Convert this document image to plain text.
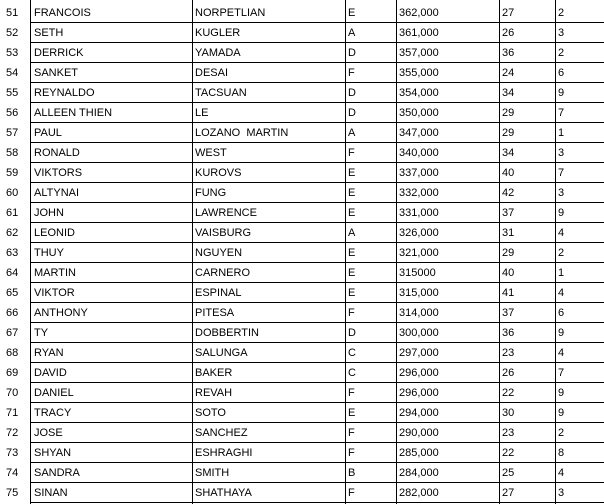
51	FRANCOIS	NORPETLIAN	E	362,000	27	2
52	SETH	KUGLER	A	361,000	26	3
53	DERRICK	YAMADA	D	357,000	36	2
54	SANKET	DESAI	F	355,000	24	6
55	REYNALDO	TACSUAN	D	354,000	34	9
56	ALLEEN THIEN	LE	D	350,000	29	7
57	PAUL	LOZANO  MARTIN	A	347,000	29	1
58	RONALD	WEST	F	340,000	34	3
59	VIKTORS	KUROVS	E	337,000	40	7
60	ALTYNAI	FUNG	E	332,000	42	3
61	JOHN	LAWRENCE	E	331,000	37	9
62	LEONID	VAISBURG	A	326,000	31	4
63	THUY	NGUYEN	E	321,000	29	2
64	MARTIN	CARNERO	E	315000	40	1
65	VIKTOR	ESPINAL	E	315,000	41	4
66	ANTHONY	PITESA	F	314,000	37	6
67	TY	DOBBERTIN	D	300,000	36	9
68	RYAN	SALUNGA	C	297,000	23	4
69	DAVID	BAKER	C	296,000	26	7
70	DANIEL	REVAH	F	296,000	22	9
71	TRACY	SOTO	E	294,000	30	9
72	JOSE	SANCHEZ	F	290,000	23	2
73	SHYAN	ESHRAGHI	F	285,000	22	8
74	SANDRA	SMITH	B	284,000	25	4
75	SINAN	SHATHAYA	F	282,000	27	3
